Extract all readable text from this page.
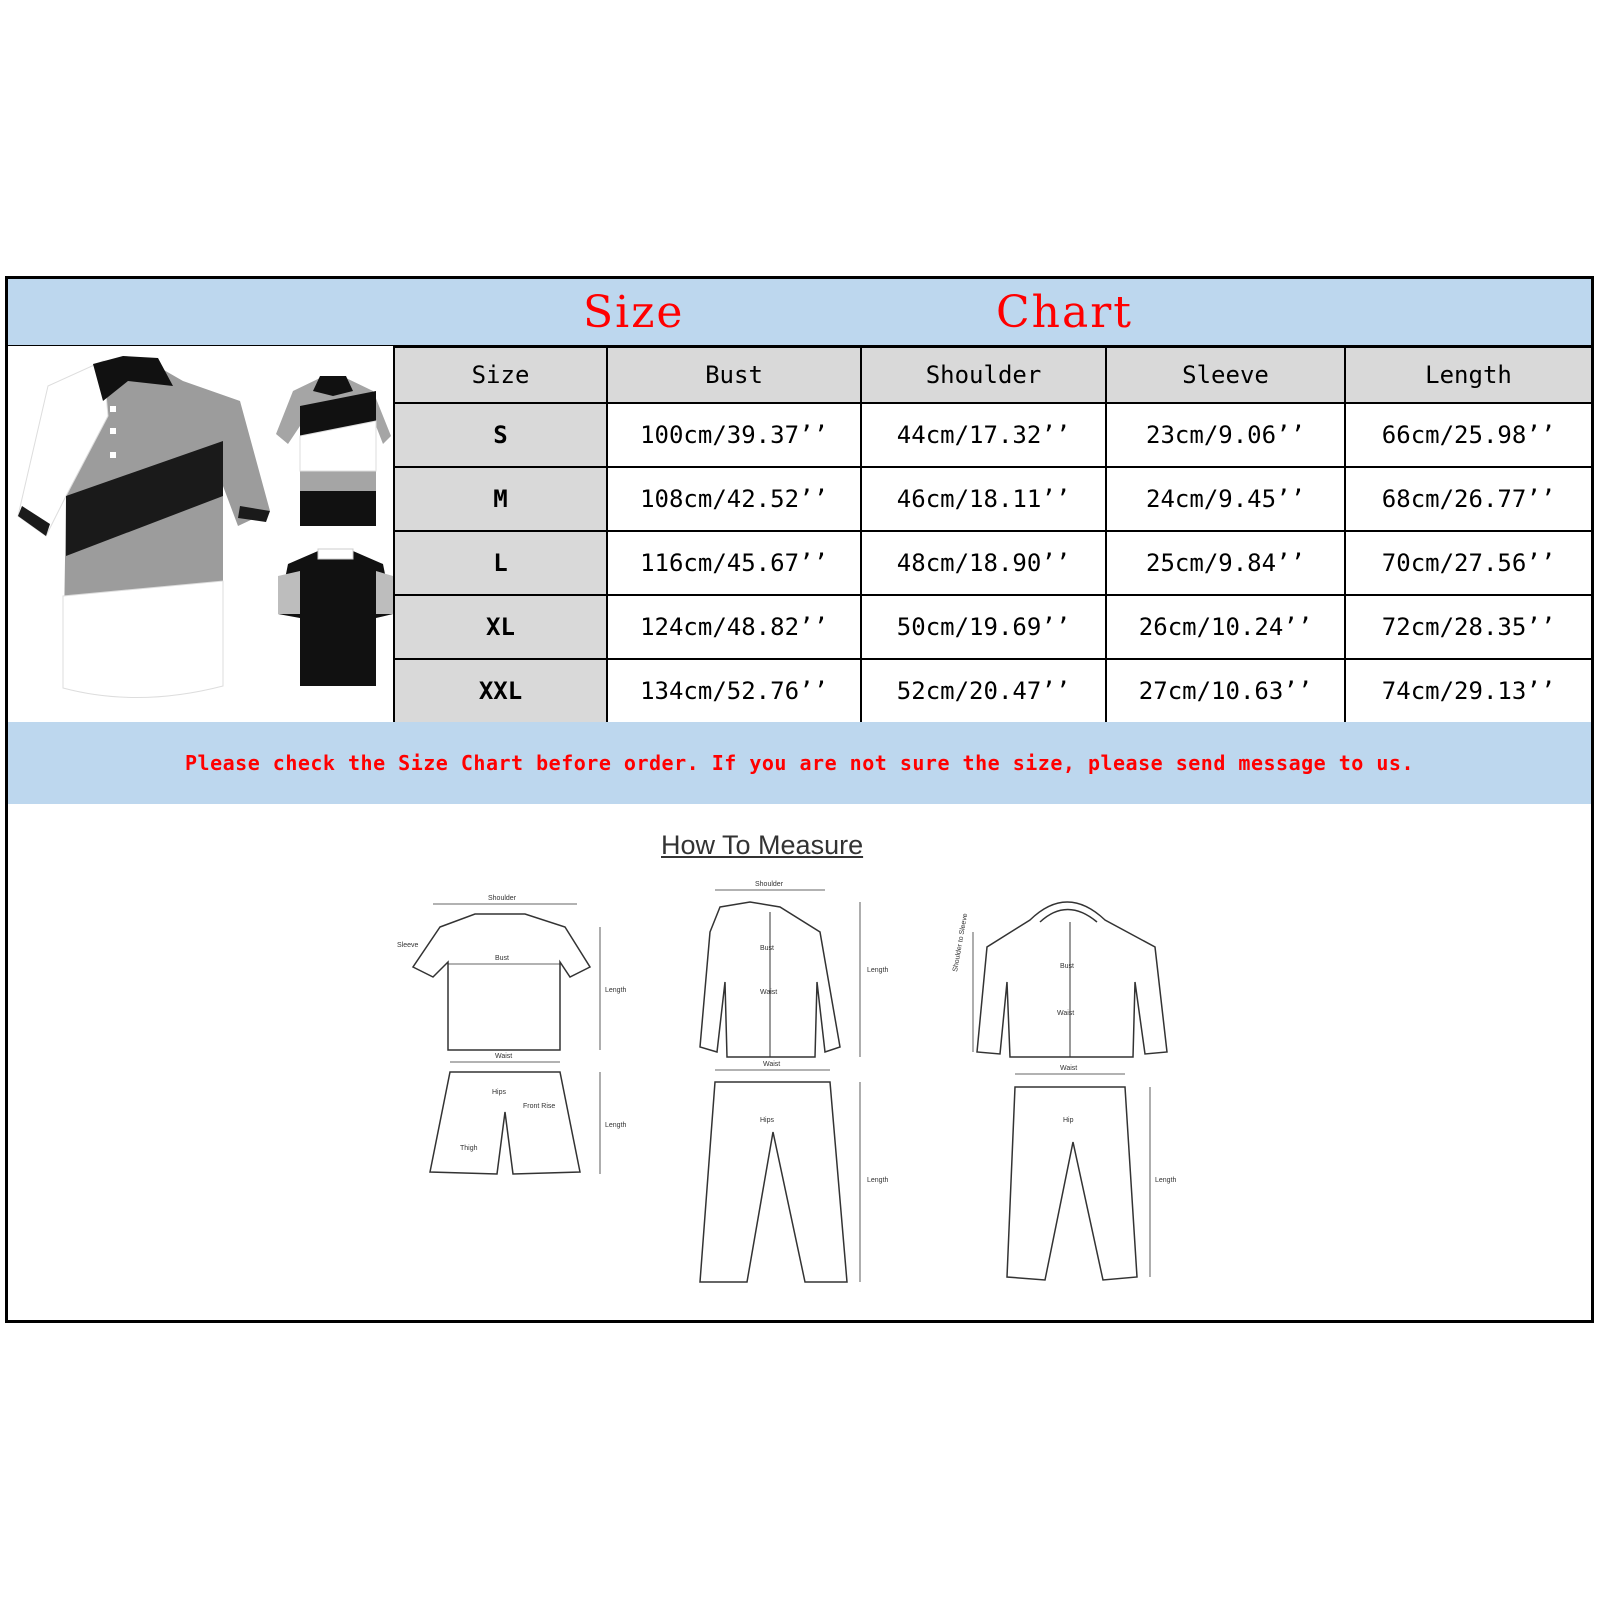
Size	Chart
Size	Bust	Shoulder	Sleeve	Length
S	100cm/39.37’’	44cm/17.32’’	23cm/9.06’’	66cm/25.98’’
M	108cm/42.52’’	46cm/18.11’’	24cm/9.45’’	68cm/26.77’’
L	116cm/45.67’’	48cm/18.90’’	25cm/9.84’’	70cm/27.56’’
XL	124cm/48.82’’	50cm/19.69’’	26cm/10.24’’	72cm/28.35’’
XXL	134cm/52.76’’	52cm/20.47’’	27cm/10.63’’	74cm/29.13’’
Please check the Size Chart before order. If you are not sure the size, please send message to us.
How To Measure
Shoulder
Bust
Length
Sleeve
Waist
Hips
Front Rise
Thigh
Length
Shoulder
Bust
Waist
Length
Waist
Hips
Length
Bust
Waist
Shoulder to Sleeve
Waist
Hip
Length
